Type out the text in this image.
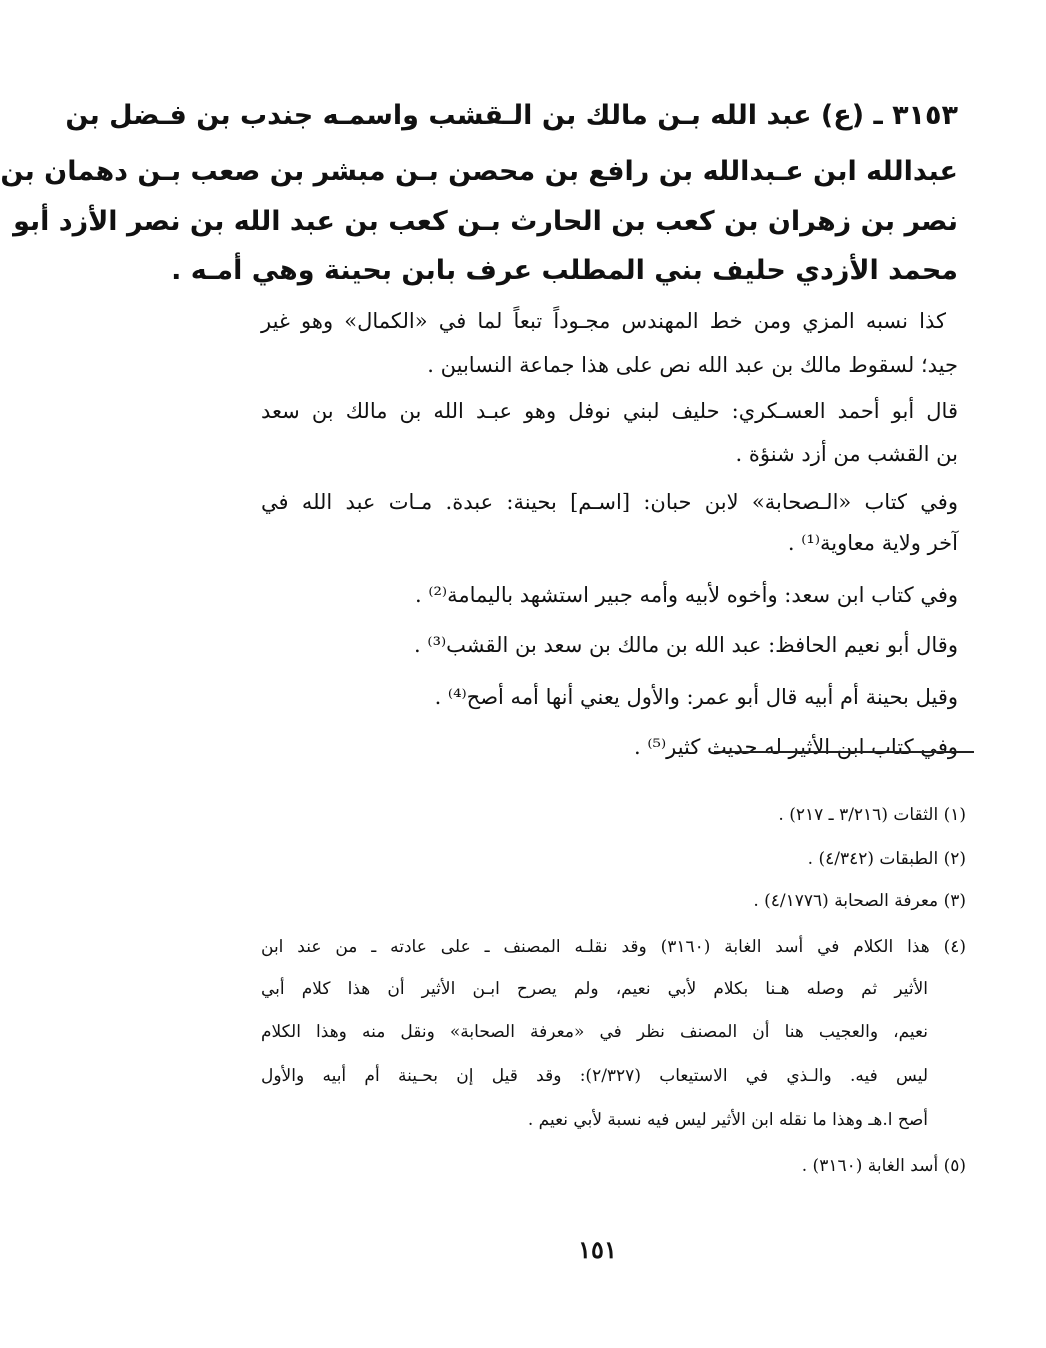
٣١٥٣ ـ (ع) عبد الله بـن مالك بن الـقشب واسمـه جندب بن فـضل بن
عبدالله ابن عـبدالله بن رافع بن محصن بـن مبشر بن صعب بـن دهمان بن
نصر بن زهران بن كعب بن الحارث بـن كعب بن عبد الله بن نصر الأزد أبو
محمد الأزدي حليف بني المطلب عرف بابن بحينة وهي أمـه .
كذا نسبه المزي ومن خط المهندس مجـوداً تبعاً لما في «الكمال» وهو غير
جيد؛ لسقوط مالك بن عبد الله نص على هذا جماعة النسابين .
قال أبو أحمد العسـكري: حليف لبني نوفل وهو عبـد الله بن مالك بن سعد
بن القشب من أزد شنؤة .
وفي كتاب «الـصحابة» لابن حبان: [اسـم] بحينة: عبدة. مـات عبد الله في
آخر ولاية معاوية⁽¹⁾ .
وفي كتاب ابن سعد: وأخوه لأبيه وأمه جبير استشهد باليمامة⁽²⁾ .
وقال أبو نعيم الحافظ: عبد الله بن مالك بن سعد بن القشب⁽³⁾ .
وقيل بحينة أم أبيه قال أبو عمر: والأول يعني أنها أمه أصح⁽⁴⁾ .
وفي كتاب ابن الأثير له حديث كثير⁽⁵⁾ .
(١) الثقات (٣/٢١٦ ـ ٢١٧) .
(٢) الطبقات (٤/٣٤٢) .
(٣) معرفة الصحابة (٤/١٧٧٦) .
(٤) هذا الكلام في أسد الغابة (٣١٦٠) وقد نقلـه المصنف ـ على عادته ـ من عند ابن
الأثير ثم وصله هـنا بكلام لأبي نعيم، ولم يصرح ابـن الأثير أن هذا كلام أبي
نعيم، والعجيب هنا أن المصنف نظر في «معرفة الصحابة» ونقل منه وهذا الكلام
ليس فيه. والـذي في الاستيعاب (٢/٣٢٧): وقد قيل إن بحـينة أم أبيه والأول
أصح ا.هـ وهذا ما نقله ابن الأثير ليس فيه نسبة لأبي نعيم .
(٥) أسد الغابة (٣١٦٠) .
١٥١
